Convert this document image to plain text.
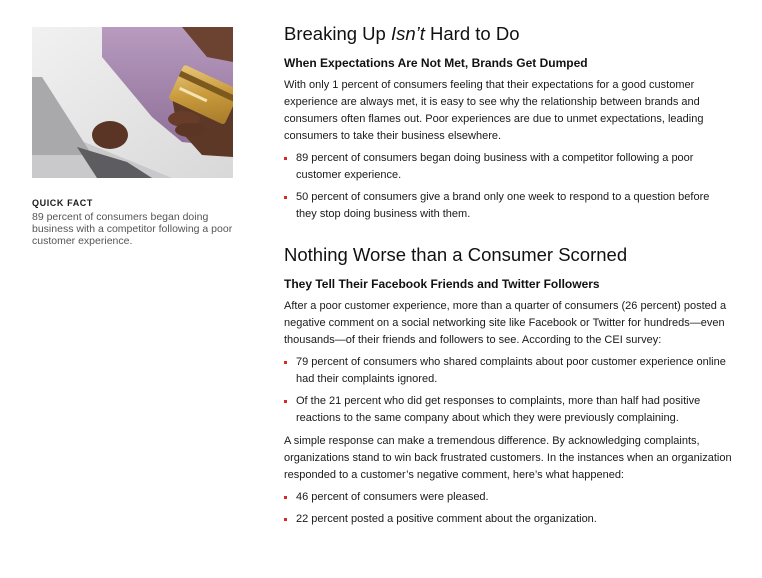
QUICK FACT

89 percent of consumers began doing business with a competitor following a poor customer experience.

Breaking Up Isn’t Hard to Do
When Expectations Are Not Met, Brands Get Dumped

With only 1 percent of consumers feeling that their expectations for a good customer experience are always met, it is easy to see why the relationship between brands and consumers often flames out. Poor experiences are due to unmet expectations, leading consumers to take their business elsewhere.

89 percent of consumers began doing business with a competitor following a poor customer experience.
50 percent of consumers give a brand only one week to respond to a question before they stop doing business with them.
Nothing Worse than a Consumer Scorned
They Tell Their Facebook Friends and Twitter Followers

After a poor customer experience, more than a quarter of consumers (26 percent) posted a negative comment on a social networking site like Facebook or Twitter for hundreds—even thousands—of their friends and followers to see. According to the CEI survey:

79 percent of consumers who shared complaints about poor customer experience online had their complaints ignored.
Of the 21 percent who did get responses to complaints, more than half had positive reactions to the same company about which they were previously complaining.

A simple response can make a tremendous difference. By acknowledging complaints, organizations stand to win back frustrated customers. In the instances when an organization responded to a customer’s negative comment, here’s what happened:

46 percent of consumers were pleased.
22 percent posted a positive comment about the organization.
